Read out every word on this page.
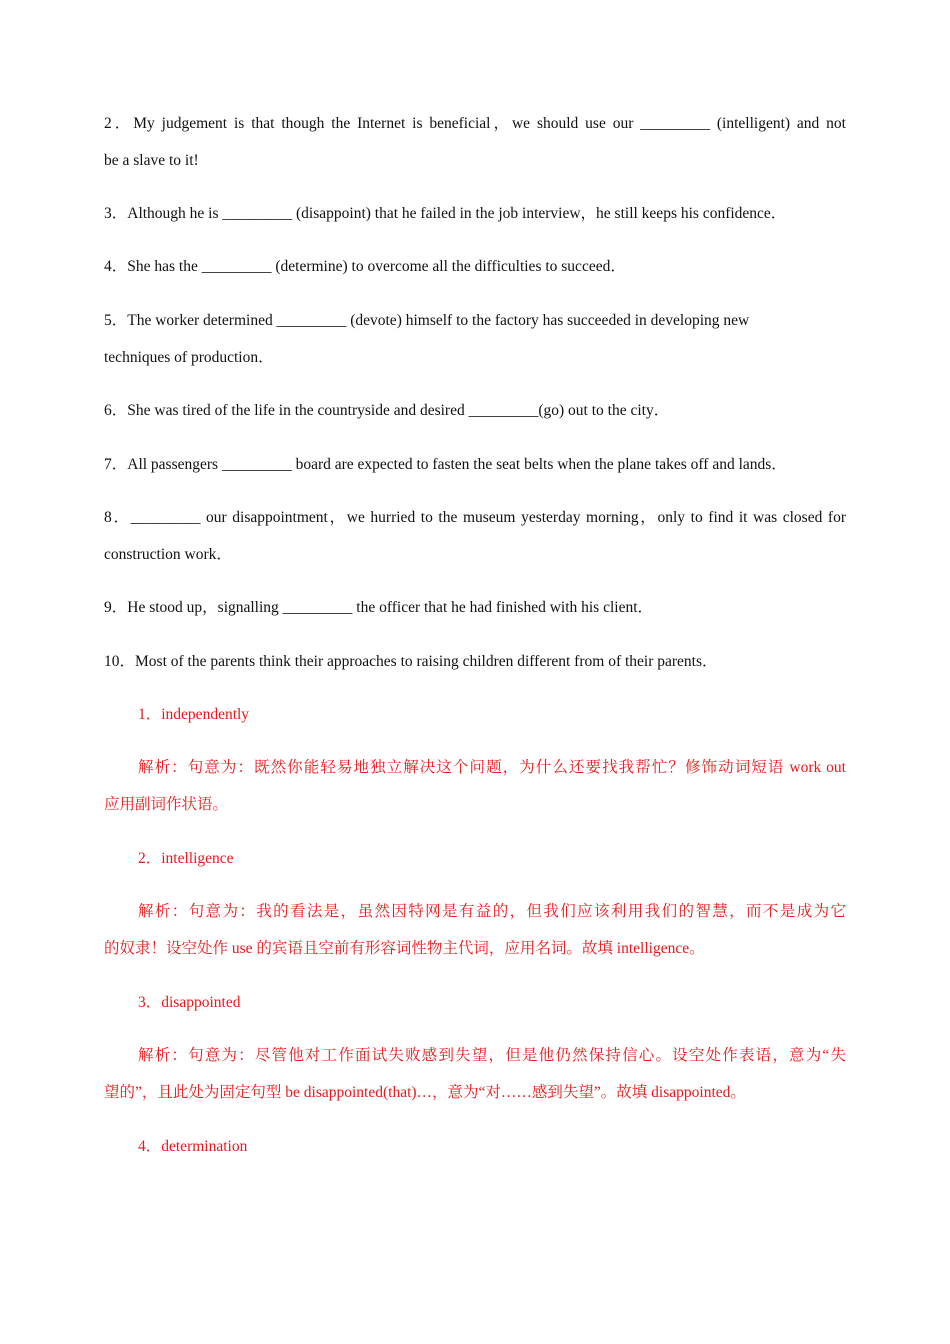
2．My judgement is that though the Internet is beneficial，we should use our _________ (intelligent) and not
be a slave to it!
3．Although he is _________ (disappoint) that he failed in the job interview，he still keeps his confidence．
4．She has the _________ (determine) to overcome all the difficulties to succeed．
5．The worker determined _________ (devote) himself to the factory has succeeded in developing new
techniques of production．
6．She was tired of the life in the countryside and desired _________(go) out to the city．
7．All passengers _________ board are expected to fasten the seat belts when the plane takes off and lands．
8．_________ our disappointment，we hurried to the museum yesterday morning，only to find it was closed for
construction work．
9．He stood up，signalling _________ the officer that he had finished with his client．
10．Most of the parents think their approaches to raising children different from of their parents．
1．independently
解析：句意为：既然你能轻易地独立解决这个问题，为什么还要找我帮忙？修饰动词短语 work out
应用副词作状语。
2．intelligence
解析：句意为：我的看法是，虽然因特网是有益的，但我们应该利用我们的智慧，而不是成为它
的奴隶！设空处作 use 的宾语且空前有形容词性物主代词，应用名词。故填 intelligence。
3．disappointed
解析：句意为：尽管他对工作面试失败感到失望，但是他仍然保持信心。设空处作表语，意为“失
望的”，且此处为固定句型 be disappointed(that)…，意为“对……感到失望”。故填 disappointed。
4．determination
